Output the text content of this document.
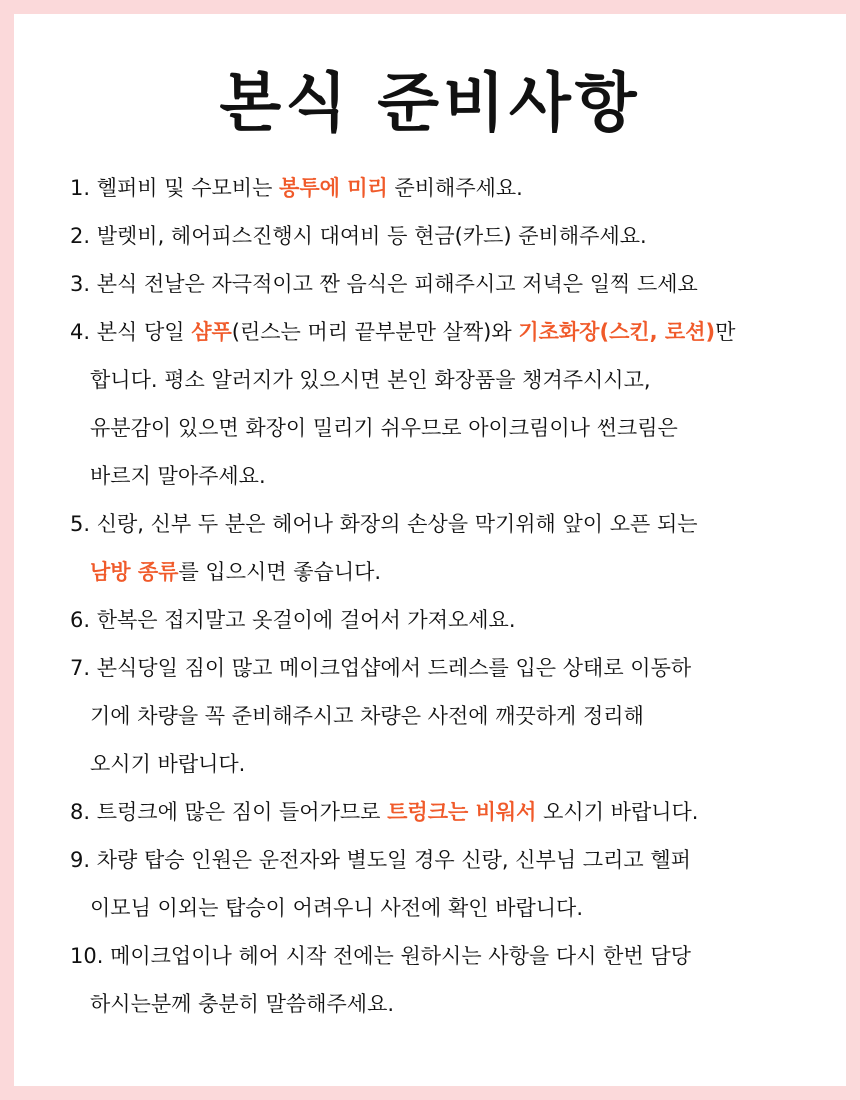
본식 준비사항
1. 헬퍼비 및 수모비는 봉투에 미리 준비해주세요.
2. 발렛비, 헤어피스진행시 대여비 등 현금(카드) 준비해주세요.
3. 본식 전날은 자극적이고 짠 음식은 피해주시고 저녁은 일찍 드세요
4. 본식 당일 샴푸(린스는 머리 끝부분만 살짝)와 기초화장(스킨, 로션)만
합니다. 평소 알러지가 있으시면 본인 화장품을 챙겨주시시고,
유분감이 있으면 화장이 밀리기 쉬우므로 아이크림이나 썬크림은
바르지 말아주세요.
5. 신랑, 신부 두 분은 헤어나 화장의 손상을 막기위해 앞이 오픈 되는
남방 종류를 입으시면 좋습니다.
6. 한복은 접지말고 옷걸이에 걸어서 가져오세요.
7. 본식당일 짐이 많고 메이크업샵에서 드레스를 입은 상태로 이동하
기에 차량을 꼭 준비해주시고 차량은 사전에 깨끗하게 정리해
오시기 바랍니다.
8. 트렁크에 많은 짐이 들어가므로 트렁크는 비워서 오시기 바랍니다.
9. 차량 탑승 인원은 운전자와 별도일 경우 신랑, 신부님 그리고 헬퍼
이모님 이외는 탑승이 어려우니 사전에 확인 바랍니다.
10. 메이크업이나 헤어 시작 전에는 원하시는 사항을 다시 한번 담당
하시는분께 충분히 말씀해주세요.
